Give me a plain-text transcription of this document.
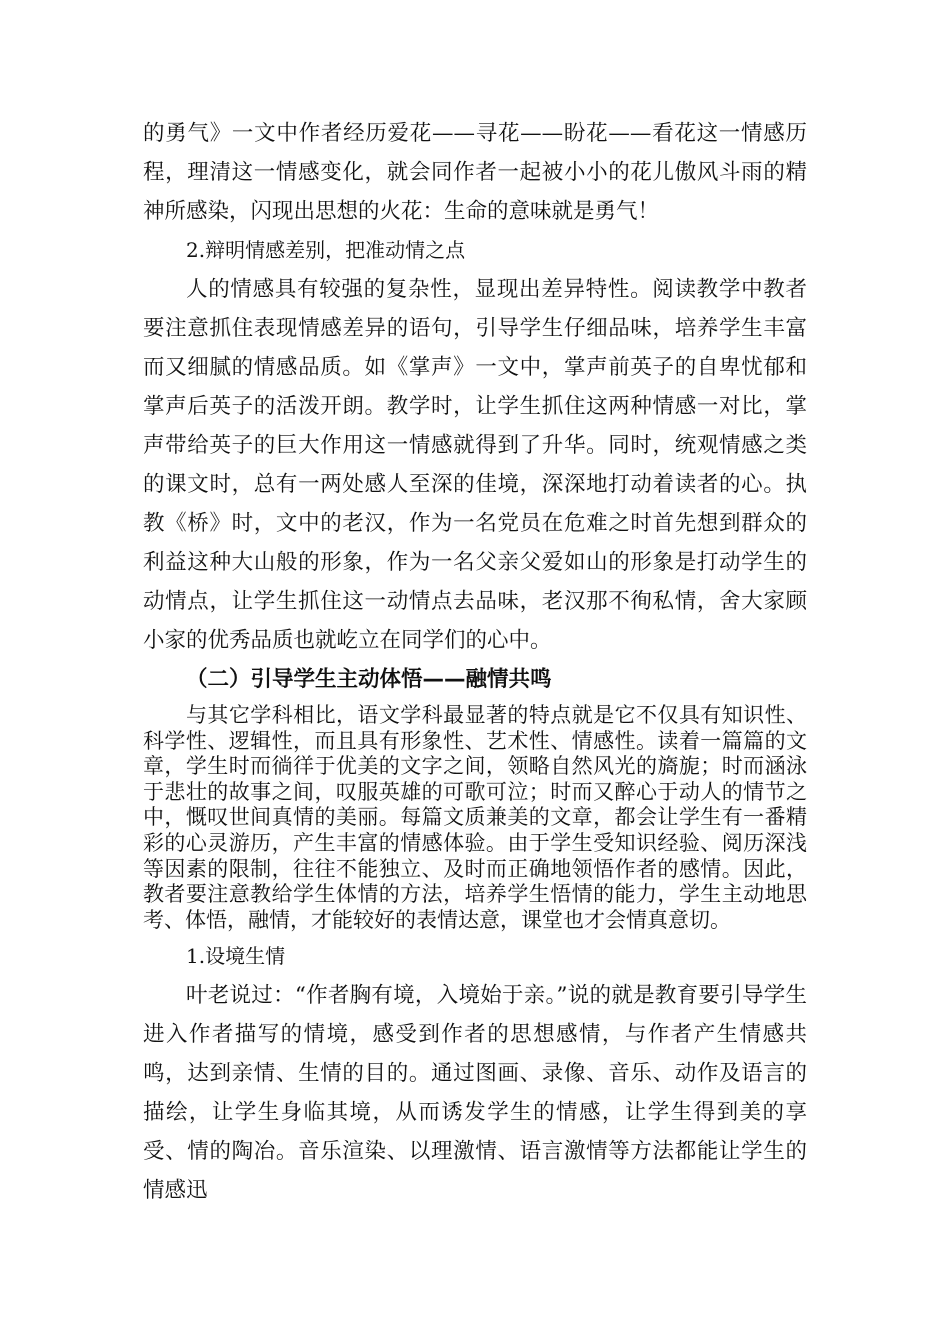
的勇气》一文中作者经历爱花——寻花——盼花——看花这一情感历程，理清这一情感变化，就会同作者一起被小小的花儿傲风斗雨的精神所感染，闪现出思想的火花：生命的意味就是勇气！

2.辩明情感差别，把准动情之点

人的情感具有较强的复杂性，显现出差异特性。阅读教学中教者要注意抓住表现情感差异的语句，引导学生仔细品味，培养学生丰富而又细腻的情感品质。如《掌声》一文中，掌声前英子的自卑忧郁和掌声后英子的活泼开朗。教学时，让学生抓住这两种情感一对比，掌声带给英子的巨大作用这一情感就得到了升华。同时，统观情感之类的课文时，总有一两处感人至深的佳境，深深地打动着读者的心。执教《桥》时，文中的老汉，作为一名党员在危难之时首先想到群众的利益这种大山般的形象，作为一名父亲父爱如山的形象是打动学生的动情点，让学生抓住这一动情点去品味，老汉那不徇私情，舍大家顾小家的优秀品质也就屹立在同学们的心中。

（二）引导学生主动体悟——融情共鸣

与其它学科相比，语文学科最显著的特点就是它不仅具有知识性、科学性、逻辑性，而且具有形象性、艺术性、情感性。读着一篇篇的文章，学生时而徜徉于优美的文字之间，领略自然风光的旖旎；时而涵泳于悲壮的故事之间，叹服英雄的可歌可泣；时而又醉心于动人的情节之中，慨叹世间真情的美丽。每篇文质兼美的文章，都会让学生有一番精彩的心灵游历，产生丰富的情感体验。由于学生受知识经验、阅历深浅等因素的限制，往往不能独立、及时而正确地领悟作者的感情。因此，教者要注意教给学生体情的方法，培养学生悟情的能力，学生主动地思考、体悟，融情，才能较好的表情达意，课堂也才会情真意切。

1.设境生情

叶老说过：“作者胸有境，入境始于亲。”说的就是教育要引导学生进入作者描写的情境，感受到作者的思想感情，与作者产生情感共鸣，达到亲情、生情的目的。通过图画、录像、音乐、动作及语言的描绘，让学生身临其境，从而诱发学生的情感，让学生得到美的享受、情的陶冶。音乐渲染、以理激情、语言激情等方法都能让学生的情感迅
